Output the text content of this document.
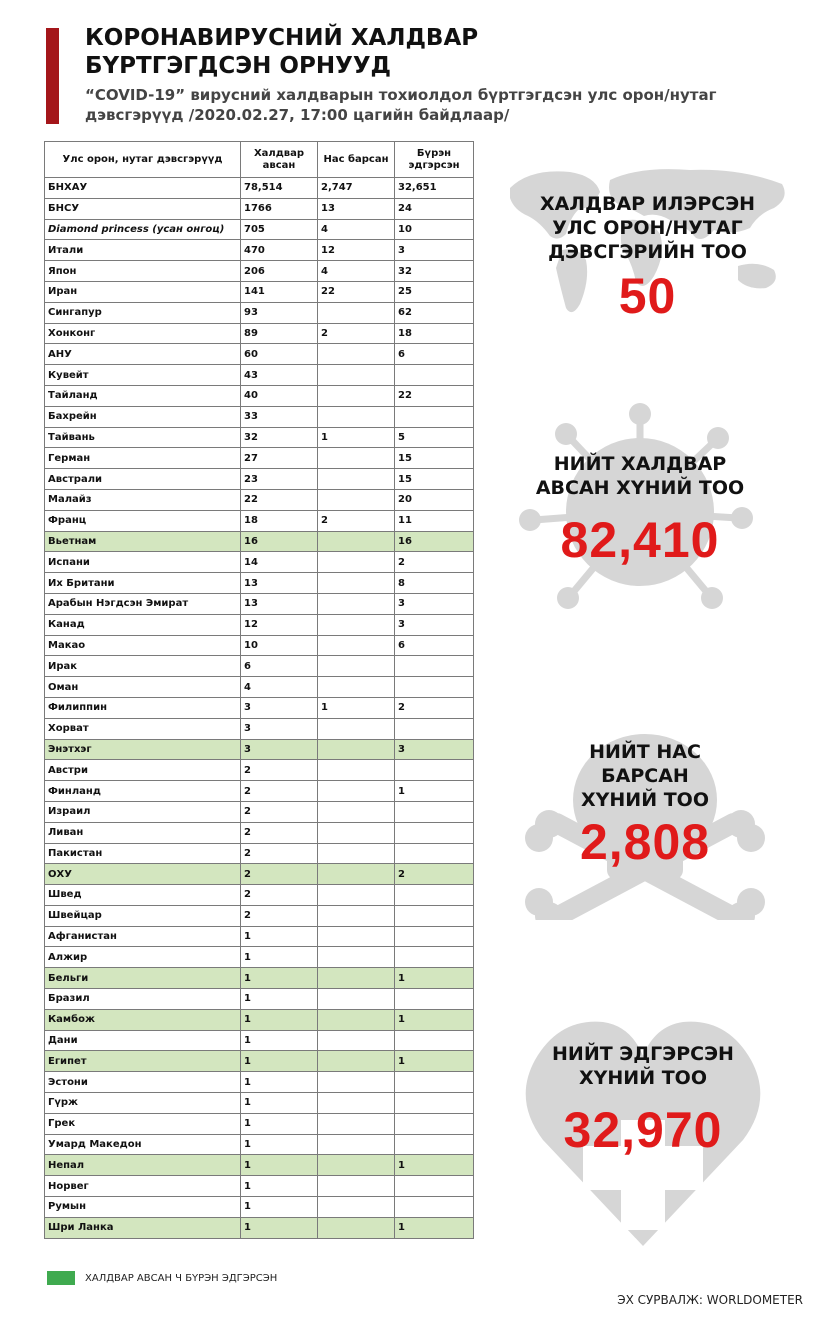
КОРОНАВИРУСНИЙ ХАЛДВАР
БҮРТГЭГДСЭН ОРНУУД

“COVID-19” вирусний халдварын тохиолдол бүртгэгдсэн улс орон/нутаг дэвсгэрүүд /2020.02.27, 17:00 цагийн байдлаар/

Улс орон, нутаг дэвсгэрүүд	Халдвар авсан	Нас барсан	Бүрэн эдгэрсэн
БНХАУ	78,514	2,747	32,651
БНСУ	1766	13	24
Diamond princess (усан онгоц)	705	4	10
Итали	470	12	3
Япон	206	4	32
Иран	141	22	25
Сингапур	93		62
Хонконг	89	2	18
АНУ	60		6
Кувейт	43		
Тайланд	40		22
Бахрейн	33		
Тайвань	32	1	5
Герман	27		15
Австрали	23		15
Малайз	22		20
Франц	18	2	11
Вьетнам	16		16
Испани	14		2
Их Британи	13		8
Арабын Нэгдсэн Эмират	13		3
Канад	12		3
Макао	10		6
Ирак	6		
Оман	4		
Филиппин	3	1	2
Хорват	3		
Энэтхэг	3		3
Австри	2		
Финланд	2		1
Израил	2		
Ливан	2		
Пакистан	2		
ОХУ	2		2
Швед	2		
Швейцар	2		
Афганистан	1		
Алжир	1		
Бельги	1		1
Бразил	1		
Камбож	1		1
Дани	1		
Египет	1		1
Эстони	1		
Гүрж	1		
Грек	1		
Умард Македон	1		
Непал	1		1
Норвег	1		
Румын	1		
Шри Ланка	1		1
ХАЛДВАР ИЛЭРСЭН
УЛС ОРОН/НУТАГ
ДЭВСГЭРИЙН ТОО
50
НИЙТ ХАЛДВАР
АВСАН ХҮНИЙ ТОО
82,410
НИЙТ НАС
БАРСАН
ХҮНИЙ ТОО
2,808
НИЙТ ЭДГЭРСЭН
ХҮНИЙ ТОО
32,970
ХАЛДВАР АВСАН Ч БҮРЭН ЭДГЭРСЭН
ЭХ СУРВАЛЖ: WORLDOMETER
